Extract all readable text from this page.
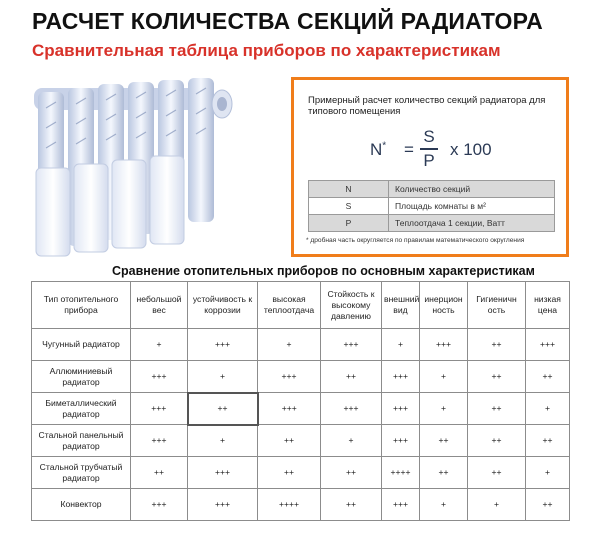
РАСЧЕТ КОЛИЧЕСТВА СЕКЦИЙ РАДИАТОРА
Сравнительная таблица приборов по характеристикам
Примерный расчет количество секций радиатора для типового помещения
N* =
S
P
x 100
N	Количество секций
S	Площадь комнаты в м²
P	Теплоотдача 1 секции, Ватт
* дробная часть округляется по правилам математического округления
Сравнение отопительных приборов по основным характеристикам
Тип отопительного прибора	небольшой вес	устойчивость к коррозии	высокая теплоотдача	Стойкость к высокому давлению	внешний вид	инерцион ность	Гигиеничн ость	низкая цена
Чугунный радиатор	+	+++	+	+++	+	+++	++	+++
Аллюминиевый радиатор	+++	+	+++	++	+++	+	++	++
Биметаллический радиатор	+++	++	+++	+++	+++	+	++	+
Стальной панельный радиатор	+++	+	++	+	+++	++	++	++
Стальной трубчатый радиатор	++	+++	++	++	++++	++	++	+
Конвектор	+++	+++	++++	++	+++	+	+	++
